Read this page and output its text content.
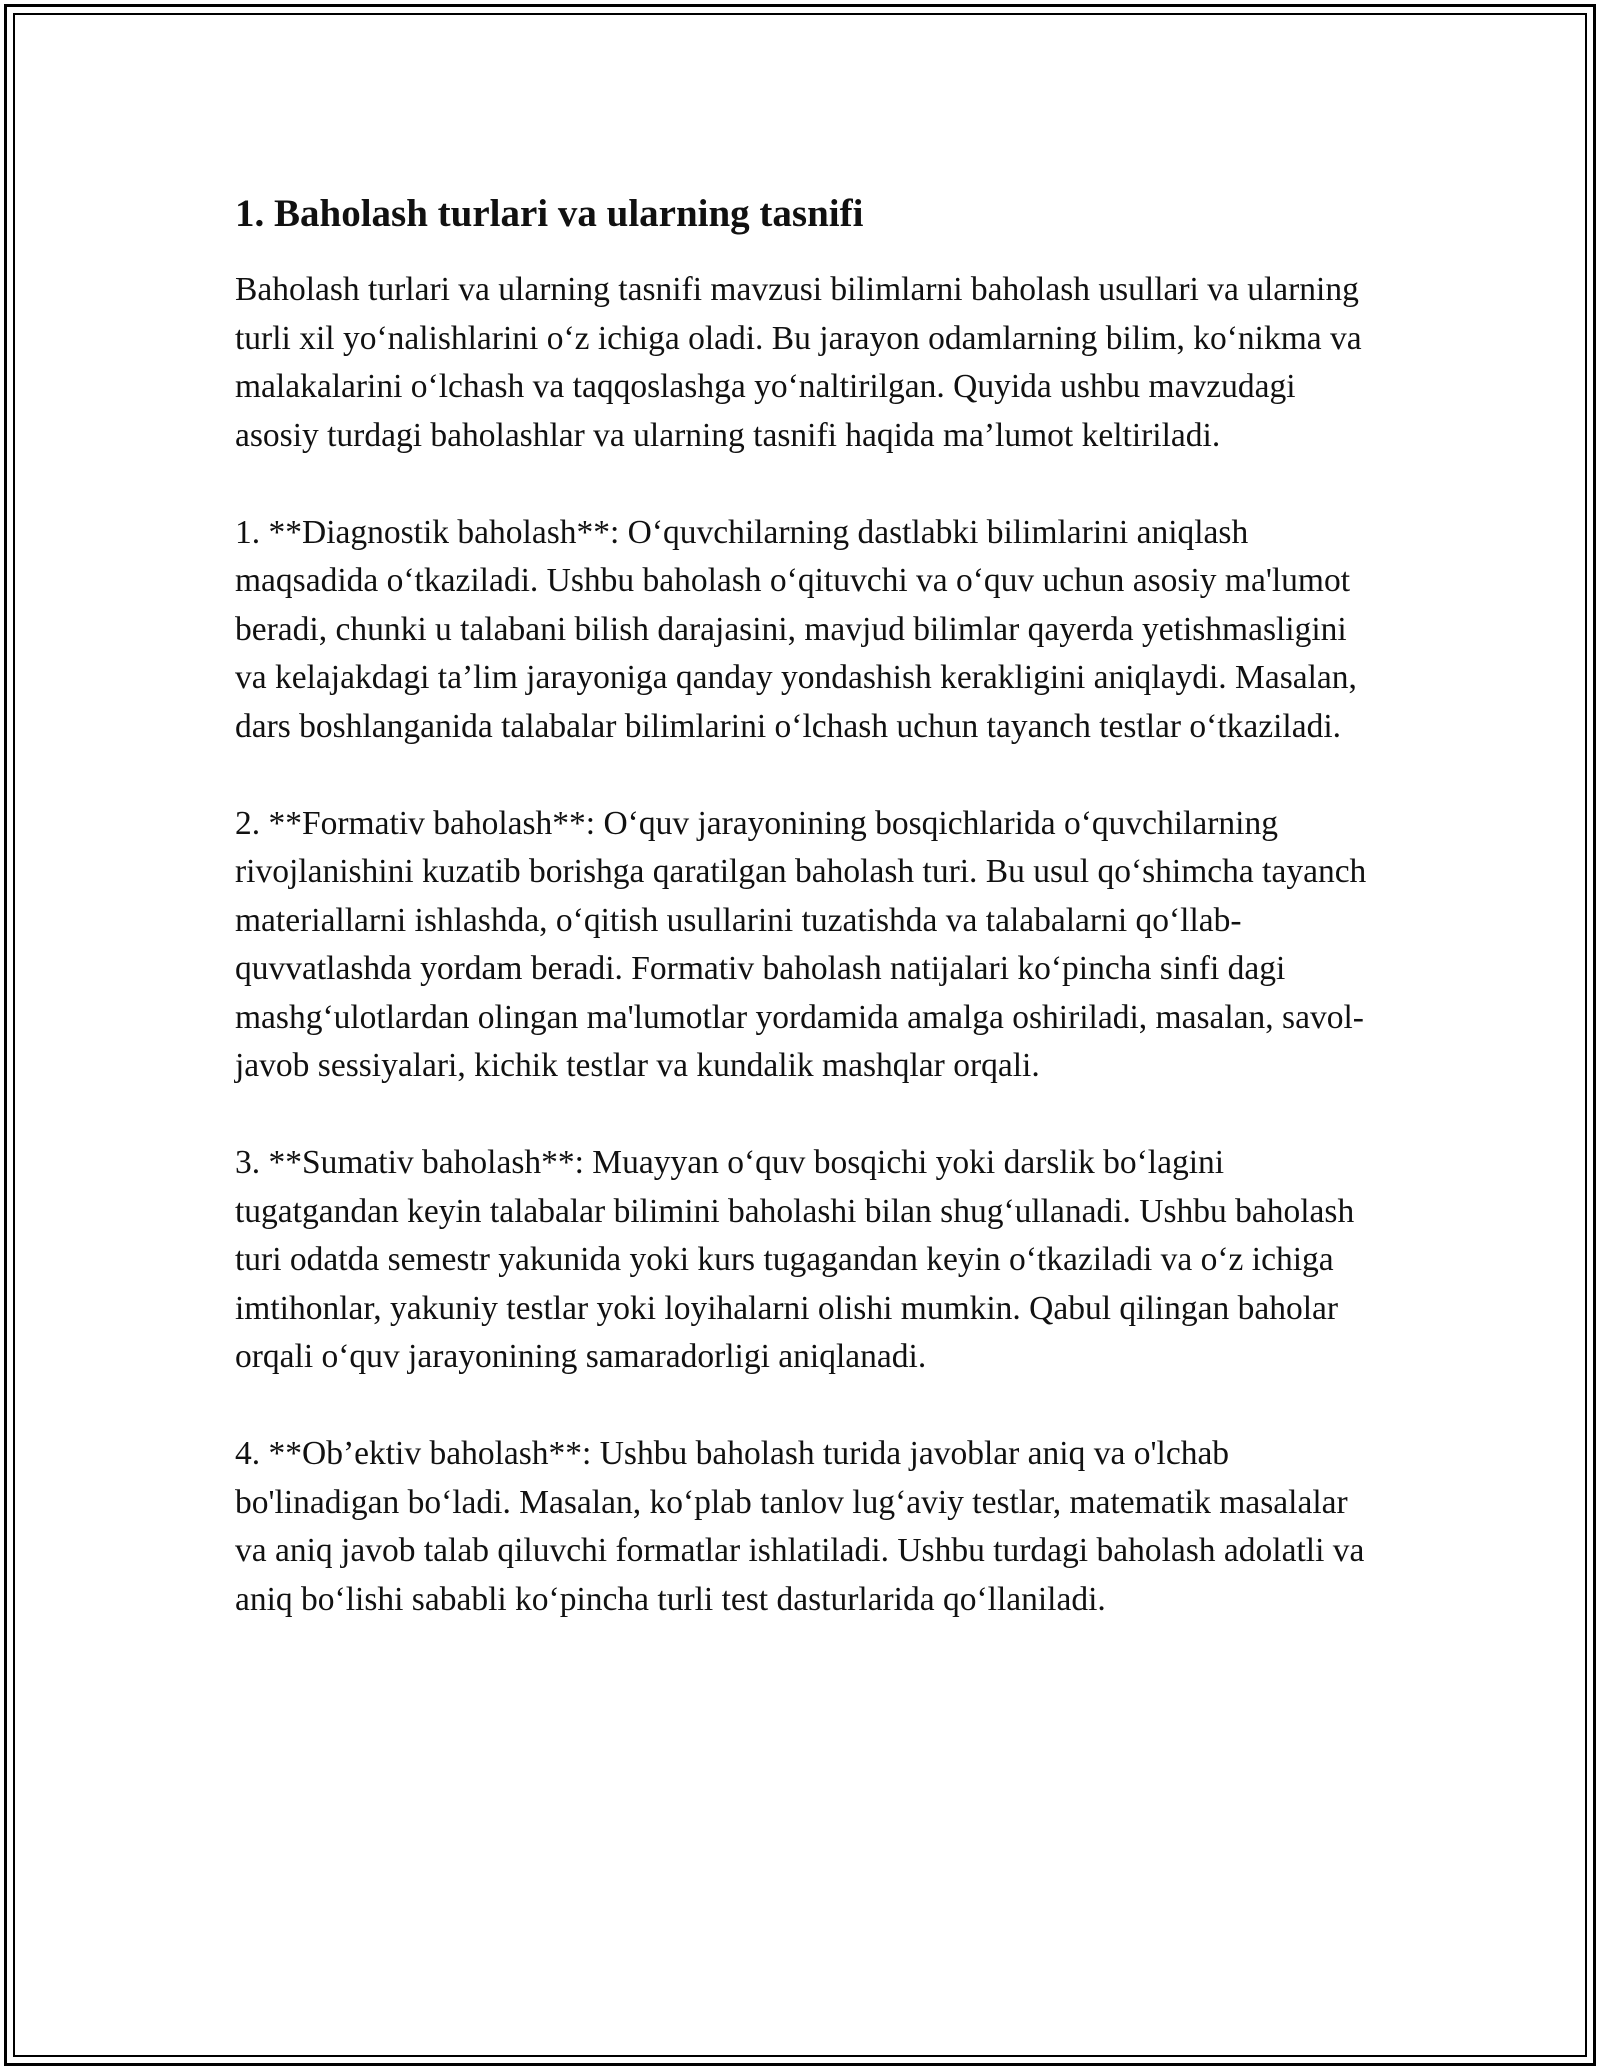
1. Baholash turlari va ularning tasnifi

Baholash turlari va ularning tasnifi mavzusi bilimlarni baholash usullari va ularning turli xil yo‘nalishlarini o‘z ichiga oladi. Bu jarayon odamlarning bilim, ko‘nikma va malakalarini o‘lchash va taqqoslashga yo‘naltirilgan. Quyida ushbu mavzudagi asosiy turdagi baholashlar va ularning tasnifi haqida ma’lumot keltiriladi.

1. **Diagnostik baholash**: O‘quvchilarning dastlabki bilimlarini aniqlash maqsadida o‘tkaziladi. Ushbu baholash o‘qituvchi va o‘quv uchun asosiy ma'lumot beradi, chunki u talabani bilish darajasini, mavjud bilimlar qayerda yetishmasligini va kelajakdagi ta’lim jarayoniga qanday yondashish kerakligini aniqlaydi. Masalan, dars boshlanganida talabalar bilimlarini o‘lchash uchun tayanch testlar o‘tkaziladi.

2. **Formativ baholash**: O‘quv jarayonining bosqichlarida o‘quvchilarning rivojlanishini kuzatib borishga qaratilgan baholash turi. Bu usul qo‘shimcha tayanch materiallarni ishlashda, o‘qitish usullarini tuzatishda va talabalarni qo‘llab-quvvatlashda yordam beradi. Formativ baholash natijalari ko‘pincha sinfi dagi mashg‘ulotlardan olingan ma'lumotlar yordamida amalga oshiriladi, masalan, savol-javob sessiyalari, kichik testlar va kundalik mashqlar orqali.

3. **Sumativ baholash**: Muayyan o‘quv bosqichi yoki darslik bo‘lagini tugatgandan keyin talabalar bilimini baholashi bilan shug‘ullanadi. Ushbu baholash turi odatda semestr yakunida yoki kurs tugagandan keyin o‘tkaziladi va o‘z ichiga imtihonlar, yakuniy testlar yoki loyihalarni olishi mumkin. Qabul qilingan baholar orqali o‘quv jarayonining samaradorligi aniqlanadi.

4. **Ob’ektiv baholash**: Ushbu baholash turida javoblar aniq va o'lchab bo'linadigan bo‘ladi. Masalan, ko‘plab tanlov lug‘aviy testlar, matematik masalalar va aniq javob talab qiluvchi formatlar ishlatiladi. Ushbu turdagi baholash adolatli va aniq bo‘lishi sababli ko‘pincha turli test dasturlarida qo‘llaniladi.
